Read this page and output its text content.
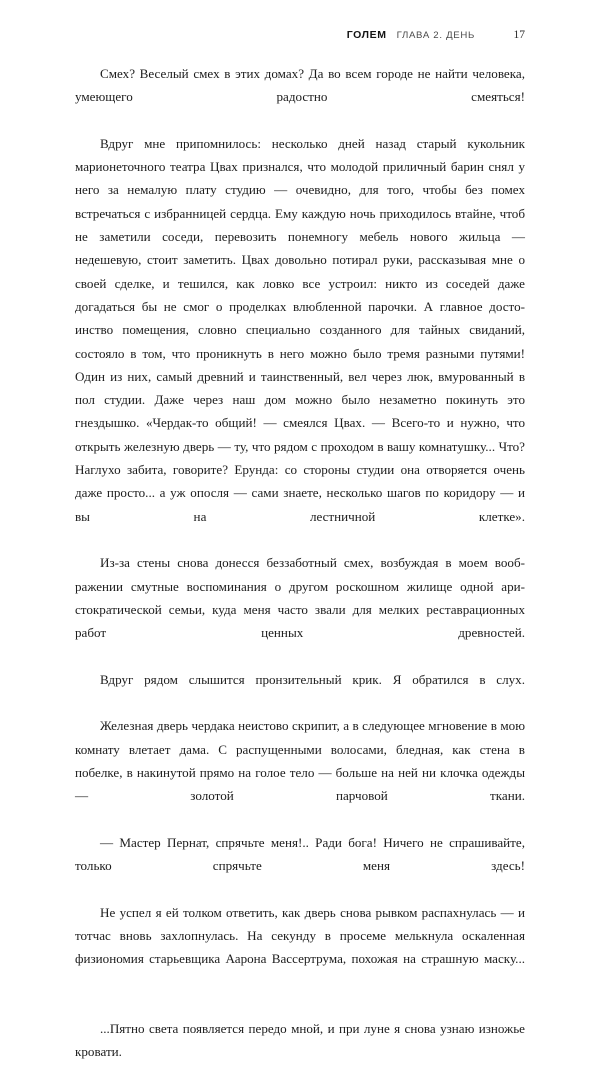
ГОЛЕМ ГЛАВА 2. ДЕНЬ	17

Смех? Веселый смех в этих домах? Да во всем городе не найти человека, умеющего радостно смеяться!

Вдруг мне припомнилось: несколько дней назад старый кукольник марионеточного театра Цвах признался, что молодой приличный барин снял у него за немалую плату студию — очевидно, для того, чтобы без помех встречаться с избранницей сердца. Ему каждую ночь приходилось втайне, чтоб не заметили соседи, перевозить понемногу мебель нового жильца — недешевую, стоит заметить. Цвах довольно потирал руки, рассказывая мне о своей сделке, и тешился, как ловко все устроил: никто из соседей даже догадаться бы не смог о проделках влюбленной парочки. А главное достоинство помещения, словно специально созданного для тайных свиданий, состояло в том, что проникнуть в него можно было тремя разными путями! Один из них, самый древний и таинственный, вел через люк, вмурованный в пол студии. Даже через наш дом можно было незаметно покинуть это гнездышко. «Чердак-то общий! — смеялся Цвах. — Всего-то и нужно, что открыть железную дверь — ту, что рядом с проходом в вашу комнатушку... Что? Наглухо забита, говорите? Ерунда: со стороны студии она отворяется очень даже просто... а уж опосля — сами знаете, несколько шагов по коридору — и вы на лестничной клетке».

Из-за стены снова донесся беззаботный смех, возбуждая в моем воображении смутные воспоминания о другом роскошном жилище одной аристократической семьи, куда меня часто звали для мелких реставрационных работ ценных древностей.

Вдруг рядом слышится пронзительный крик. Я обратился в слух.

Железная дверь чердака неистово скрипит, а в следующее мгновение в мою комнату влетает дама. С распущенными волосами, бледная, как стена в побелке, в накинутой прямо на голое тело — больше на ней ни клочка одежды — золотой парчовой ткани.

— Мастер Пернат, спрячьте меня!.. Ради бога! Ничего не спрашивайте, только спрячьте меня здесь!

Не успел я ей толком ответить, как дверь снова рывком распахнулась — и тотчас вновь захлопнулась. На секунду в просеме мелькнула оскаленная физиономия старьевщика Аарона Вассертрума, похожая на страшную маску...

...Пятно света появляется передо мной, и при луне я снова узнаю изножье кровати.
